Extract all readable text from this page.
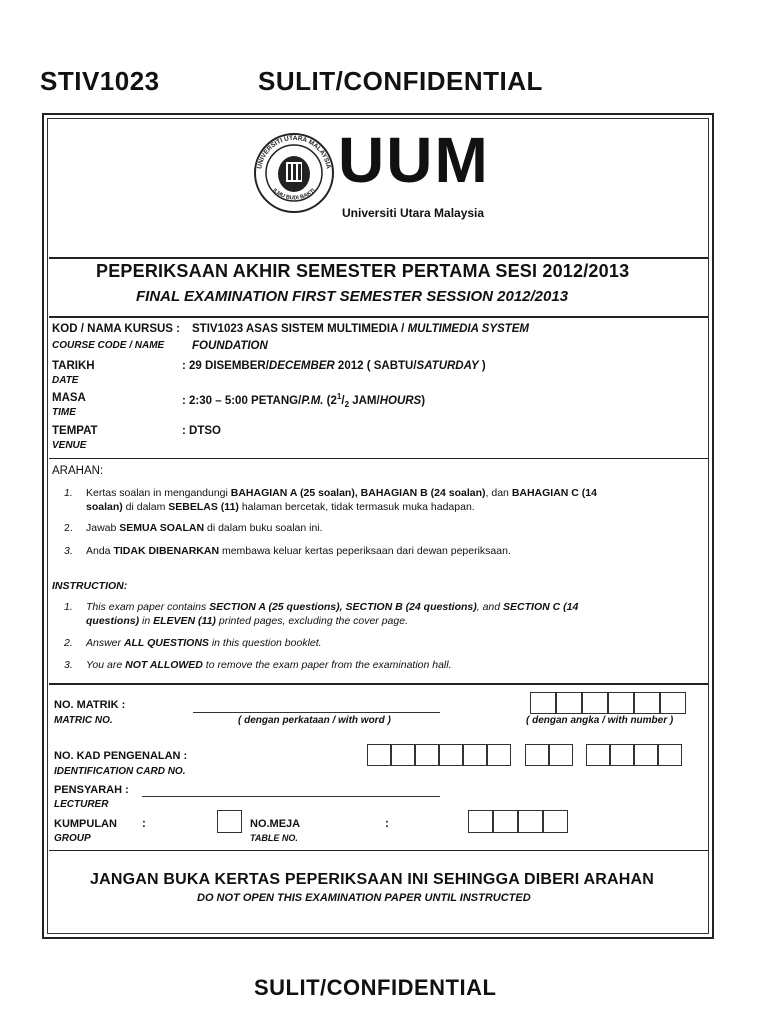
STIV1023	SULIT/CONFIDENTIAL
UNIVERSITI UTARA MALAYSIA
ILMU BUDI BAKTI UUM
Universiti Utara Malaysia
PEPERIKSAAN AKHIR SEMESTER PERTAMA SESI 2012/2013
FINAL EXAMINATION FIRST SEMESTER SESSION 2012/2013
KOD / NAMA KURSUS : STIV1023 ASAS SISTEM MULTIMEDIA / MULTIMEDIA SYSTEM
COURSE CODE / NAME FOUNDATION
TARIKH	: 29 DISEMBER/DECEMBER 2012 ( SABTU/SATURDAY )
DATE
MASA	: 2:30 – 5:00 PETANG/P.M. ($2^1/_2$ JAM/HOURS)
TIME
TEMPAT	: DTSO
VENUE
ARAHAN:
1. Kertas soalan in mengandungi BAHAGIAN A (25 soalan), BAHAGIAN B (24 soalan), dan BAHAGIAN C (14
soalan) di dalam SEBELAS (11) halaman bercetak, tidak termasuk muka hadapan.
2. Jawab SEMUA SOALAN di dalam buku soalan ini.
3. Anda TIDAK DIBENARKAN membawa keluar kertas peperiksaan dari dewan peperiksaan.
INSTRUCTION:
1. This exam paper contains SECTION A (25 questions), SECTION B (24 questions), and SECTION C (14
questions) in ELEVEN (11) printed pages, excluding the cover page.
2. Answer ALL QUESTIONS in this question booklet.
3. You are NOT ALLOWED to remove the exam paper from the examination hall.
NO. MATRIK :
MATRIC NO.	( dengan perkataan / with word )	( dengan angka / with number )
NO. KAD PENGENALAN :
IDENTIFICATION CARD NO.
PENSYARAH :
LECTURER
KUMPULAN :
GROUP
NO.MEJA
TABLE NO.
:
JANGAN BUKA KERTAS PEPERIKSAAN INI SEHINGGA DIBERI ARAHAN
DO NOT OPEN THIS EXAMINATION PAPER UNTIL INSTRUCTED
SULIT/CONFIDENTIAL
